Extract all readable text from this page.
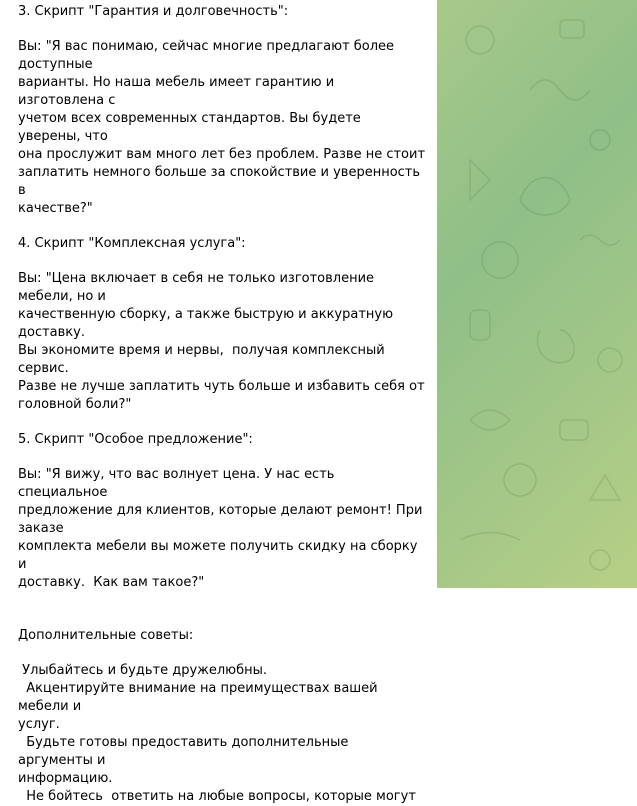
3. Скрипт "Гарантия и долговечность":

Вы: "Я вас понимаю, сейчас многие предлагают более доступные

варианты. Но наша мебель имеет гарантию и  изготовлена с

учетом всех современных стандартов. Вы будете уверены, что

она прослужит вам много лет без проблем. Разве не стоит

заплатить немного больше за спокойствие и уверенность в

качестве?"

4. Скрипт "Комплексная услуга":

Вы: "Цена включает в себя не только изготовление мебели, но и

качественную сборку, а также быструю и аккуратную доставку.

Вы экономите время и нервы,  получая комплексный сервис.

Разве не лучше заплатить чуть больше и избавить себя от

головной боли?"

5. Скрипт "Особое предложение":

Вы: "Я вижу, что вас волнует цена. У нас есть специальное

предложение для клиентов, которые делают ремонт! При заказе

комплекта мебели вы можете получить скидку на сборку и

доставку.  Как вам такое?"

Дополнительные советы:

Улыбайтесь и будьте дружелюбны.

Акцентируйте внимание на преимуществах вашей мебели и

услуг.

Будьте готовы предоставить дополнительные аргументы и

информацию.

Не бойтесь  ответить на любые вопросы, которые могут
